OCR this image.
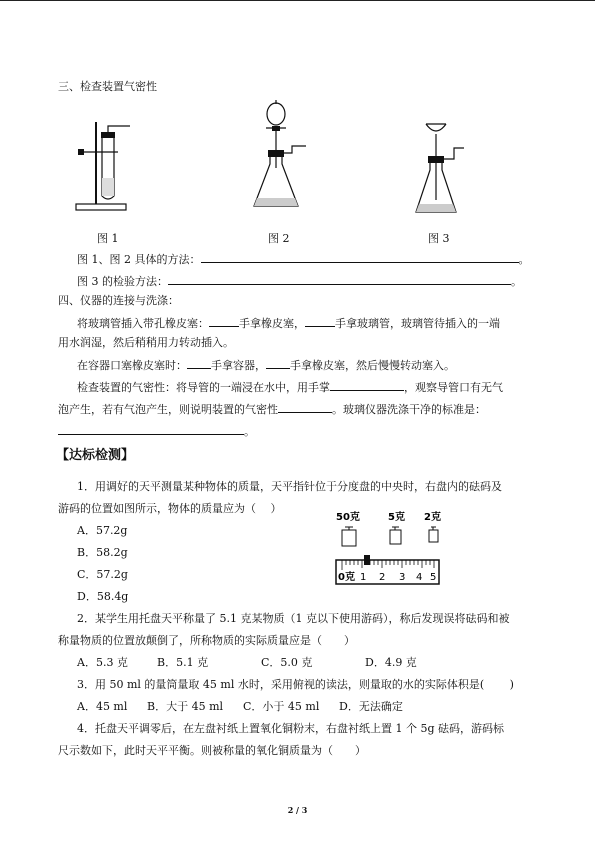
三、检查装置气密性
图 1	图 2	图 3
图 1、图 2 具体的方法：	。
图 3 的检验方法：	。
四、仪器的连接与洗涤：
将玻璃管插入带孔橡皮塞：	手拿橡皮塞，	手拿玻璃管，玻璃管待插入的一端
用水润湿，然后稍稍用力转动插入。
在容器口塞橡皮塞时： 手拿容器， 手拿橡皮塞，然后慢慢转动塞入。
检查装置的气密性：将导管的一端浸在水中，用手掌	，观察导管口有无气
泡产生，若有气泡产生，则说明装置的气密性	。玻璃仪器洗涤干净的标准是：
。
【达标检测】
1．用调好的天平测量某种物体的质量，天平指针位于分度盘的中央时，右盘内的砝码及
游码的位置如图所示，物体的质量应为（　 ）
A．57.2g
B．58.2g
C．57.2g
D．58.4g
50克	5克 2克
0克 1 2 3 4 5
2．某学生用托盘天平称量了 5.1 克某物质（1 克以下使用游码），称后发现误将砝码和被
称量物质的位置放颠倒了，所称物质的实际质量应是（　　）
A．5.3 克	B．5.1 克	C．5.0 克	D．4.9 克
3．用 50 ml 的量筒量取 45 ml 水时，采用俯视的读法，则量取的水的实际体积是(　　 )
A．45 ml B．大于 45 ml C．小于 45 ml D．无法确定
4．托盘天平调零后，在左盘衬纸上置氧化铜粉末，右盘衬纸上置 1 个 5g 砝码，游码标
尺示数如下，此时天平平衡。则被称量的氧化铜质量为（　　）
2 / 3
